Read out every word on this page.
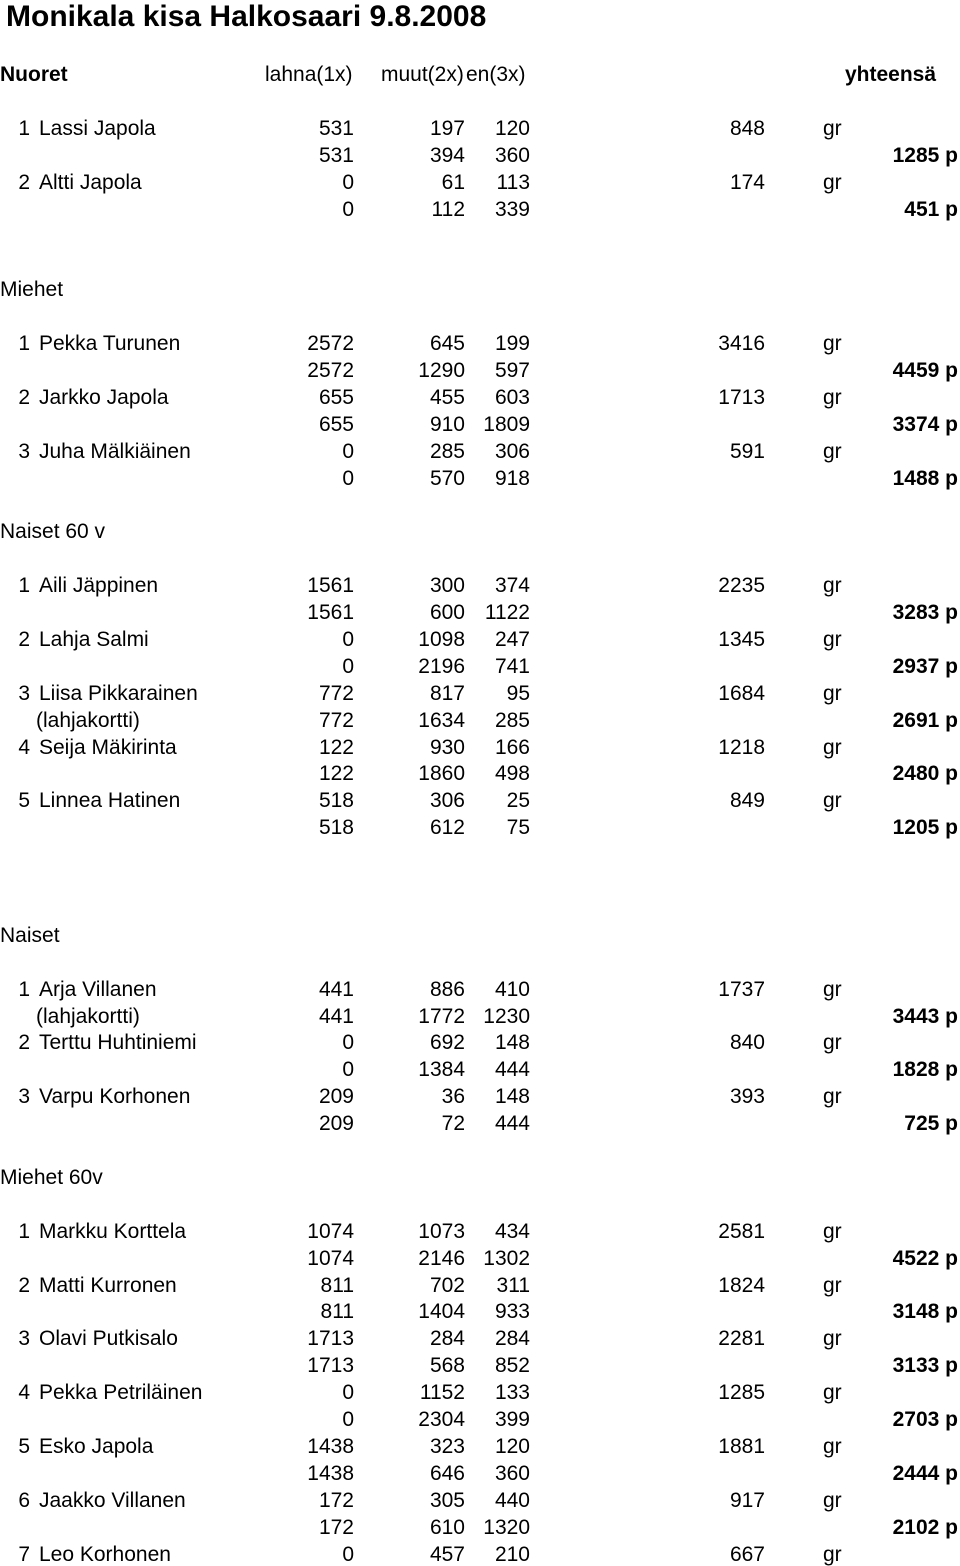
Monikala kisa Halkosaari 9.8.2008
Nuoret	lahna(1x) muut(2x) en(3x)	yhteensä
1 Lassi Japola	531	197 120	848	gr
531	394 360	1285 p
2 Altti Japola	0	61 113	174	gr
0	112 339	451 p
Miehet
1 Pekka Turunen	2572	645 199	3416	gr
2572	1290 597	4459 p
2 Jarkko Japola	655	455 603	1713	gr
655	910 1809	3374 p
3 Juha Mälkiäinen	0	285 306	591	gr
0	570 918	1488 p
Naiset 60 v
1 Aili Jäppinen	1561	300 374	2235	gr
1561	600 1122	3283 p
2 Lahja Salmi	0	1098 247	1345	gr
0	2196 741	2937 p
3 Liisa Pikkarainen	772	817 95	1684	gr
(lahjakortti)	772	1634 285	2691 p
4 Seija Mäkirinta	122	930 166	1218	gr
122	1860 498	2480 p
5 Linnea Hatinen	518	306 25	849	gr
518	612 75	1205 p
Naiset
1 Arja Villanen	441	886 410	1737	gr
(lahjakortti)	441	1772 1230	3443 p
2 Terttu Huhtiniemi	0	692 148	840	gr
0	1384 444	1828 p
3 Varpu Korhonen	209	36 148	393	gr
209	72 444	725 p
Miehet 60v
1 Markku Korttela	1074	1073 434	2581	gr
1074	2146 1302	4522 p
2 Matti Kurronen	811	702 311	1824	gr
811	1404 933	3148 p
3 Olavi Putkisalo	1713	284 284	2281	gr
1713	568 852	3133 p
4 Pekka Petriläinen	0	1152 133	1285	gr
0	2304 399	2703 p
5 Esko Japola	1438	323 120	1881	gr
1438	646 360	2444 p
6 Jaakko Villanen	172	305 440	917	gr
172	610 1320	2102 p
7 Leo Korhonen	0	457 210	667	gr
